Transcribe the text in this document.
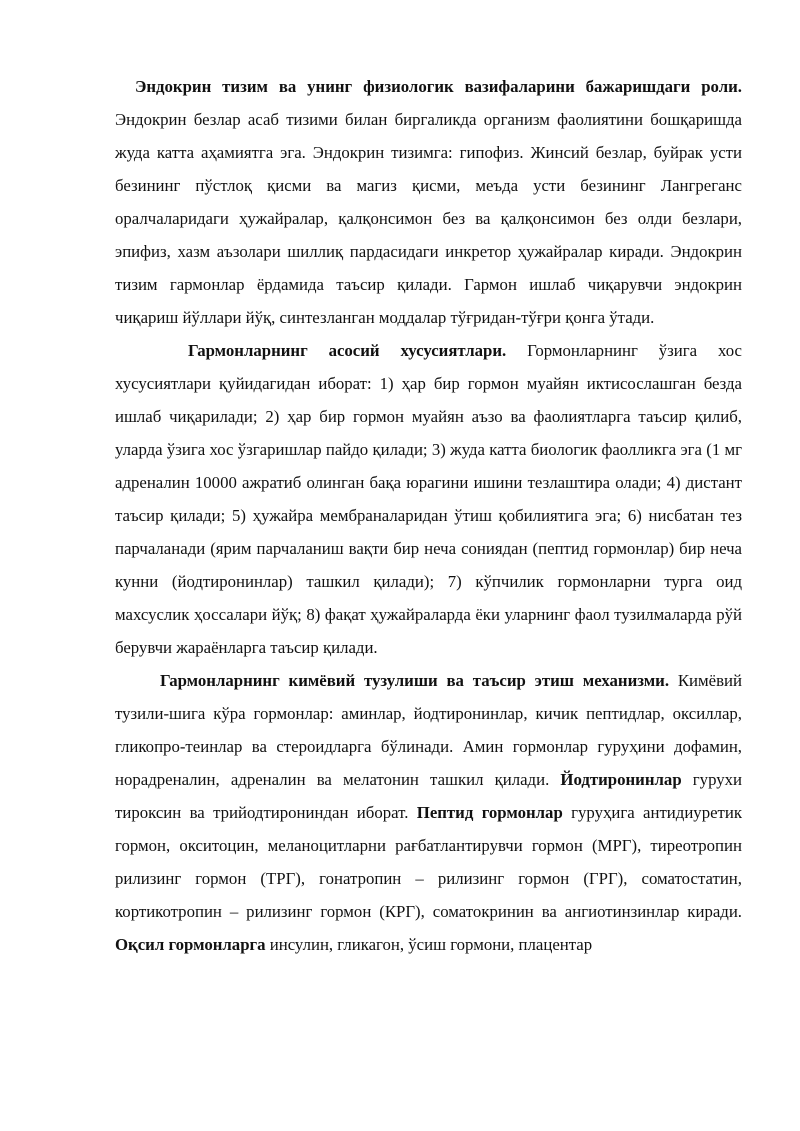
Эндокрин тизим ва унинг физиологик вазифаларини бажаришдаги роли. Эндокрин безлар асаб тизими билан биргаликда организм фаолиятини бошқаришда жуда катта аҳамиятга эга. Эндокрин тизимга: гипофиз. Жинсий безлар, буйрак усти безининг пўстлоқ қисми ва магиз қисми, меъда усти безининг Лангреганс оралчаларидаги ҳужайралар, қалқонсимон без ва қалқонсимон без олди безлари, эпифиз, хазм аъзолари шиллиқ пардасидаги инкретор ҳужайралар киради. Эндокрин тизим гармонлар ёрдамида таъсир қилади. Гармон ишлаб чиқарувчи эндокрин чиқариш йўллари йўқ, синтезланган моддалар тўғридан-тўғри қонга ўтади.

Гармонларнинг асосий хусусиятлари. Гормонларнинг ўзига хос хусусиятлари қуйидагидан иборат: 1) ҳар бир гормон муайян иктисослашган безда ишлаб чиқарилади; 2) ҳар бир гормон муайян аъзо ва фаолиятларга таъсир қилиб, уларда ўзига хос ўзгаришлар пайдо қилади; 3) жуда катта биологик фаолликга эга (1 мг адреналин 10000 ажратиб олинган бақа юрагини ишини тезлаштира олади; 4) дистант таъсир қилади; 5) ҳужайра мембраналаридан ўтиш қобилиятига эга; 6) нисбатан тез парчаланади (ярим парчаланиш вақти бир неча сониядан (пептид гормонлар) бир неча кунни (йодтиронинлар) ташкил қилади); 7) кўпчилик гормонларни турга оид махсуслик ҳоссалари йўқ; 8) фақат ҳужайраларда ёки уларнинг фаол тузилмаларда рўй берувчи жараёнларга таъсир қилади.

Гармонларнинг кимёвий тузулиши ва таъсир этиш механизми. Кимёвий тузили-шига кўра гормонлар: аминлар, йодтиронинлар, кичик пептидлар, оксиллар, гликопро-теинлар ва стероидларга бўлинади. Амин гормонлар гуруҳини дофамин, норадреналин, адреналин ва мелатонин ташкил қилади. Йодтиронинлар гурухи тироксин ва трийодтирониндан иборат. Пептид гормонлар гуруҳига антидиуретик гормон, окситоцин, меланоцитларни рағбатлантирувчи гормон (МРГ), тиреотропин рилизинг гормон (ТРГ), гонатропин – рилизинг гормон (ГРГ), соматостатин, кортикотропин – рилизинг гормон (КРГ), соматокринин ва ангиотинзинлар киради. Оқсил гормонларга инсулин, гликагон, ўсиш гормони, плацентар
